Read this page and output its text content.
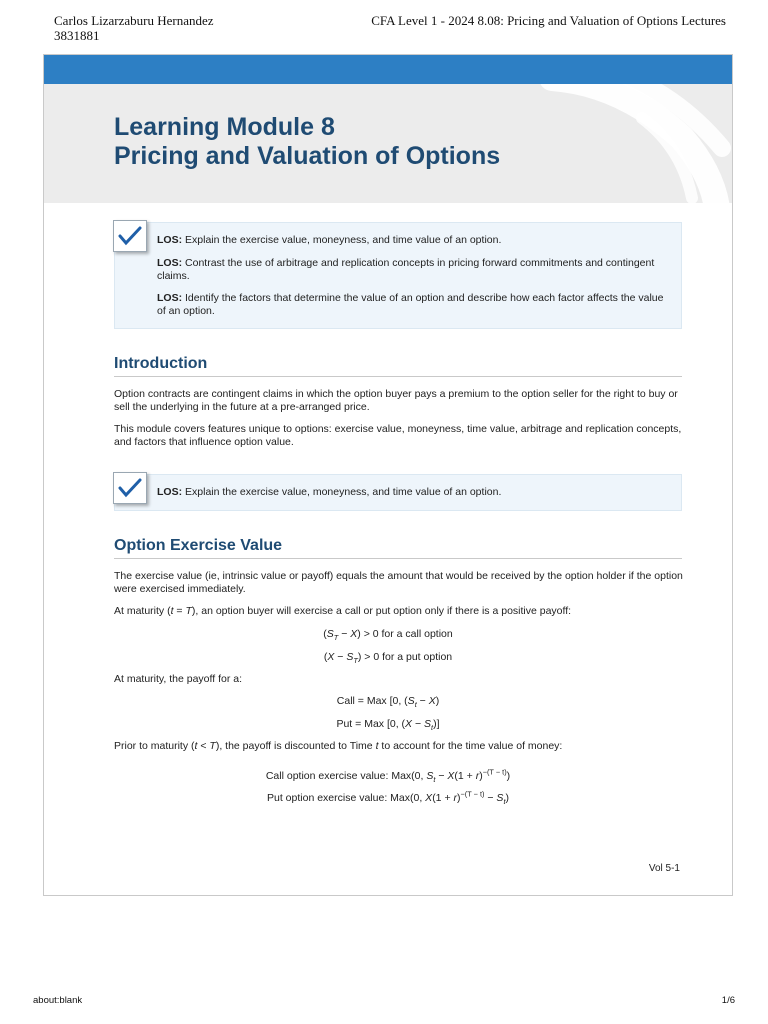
Carlos Lizarzaburu Hernandez
3831881
CFA Level 1 - 2024 8.08: Pricing and Valuation of Options Lectures
Learning Module 8
Pricing and Valuation of Options
LOS: Explain the exercise value, moneyness, and time value of an option.
LOS: Contrast the use of arbitrage and replication concepts in pricing forward commitments and contingent claims.
LOS: Identify the factors that determine the value of an option and describe how each factor affects the value of an option.
Introduction

Option contracts are contingent claims in which the option buyer pays a premium to the option seller for the right to buy or sell the underlying in the future at a pre-arranged price.

This module covers features unique to options: exercise value, moneyness, time value, arbitrage and replication concepts, and factors that influence option value.

LOS: Explain the exercise value, moneyness, and time value of an option.
Option Exercise Value

The exercise value (ie, intrinsic value or payoff) equals the amount that would be received by the option holder if the option were exercised immediately.

At maturity (t = T), an option buyer will exercise a call or put option only if there is a positive payoff:

$(S_T - X) > 0$ for a call option
$(X - S_T) > 0$ for a put option

At maturity, the payoff for a:

Call = Max [0, $(S_t - X)$
Put = Max [0, $(X - S_t)$]

Prior to maturity (t < T), the payoff is discounted to Time t to account for the time value of money:

Call option exercise value: Max(0, $S_t - X(1 + r)^{-(T - t)}$)
Put option exercise value: Max(0, $X(1 + r)^{-(T - t)} - S_t$)
Vol 5-1
about:blank	1/6
